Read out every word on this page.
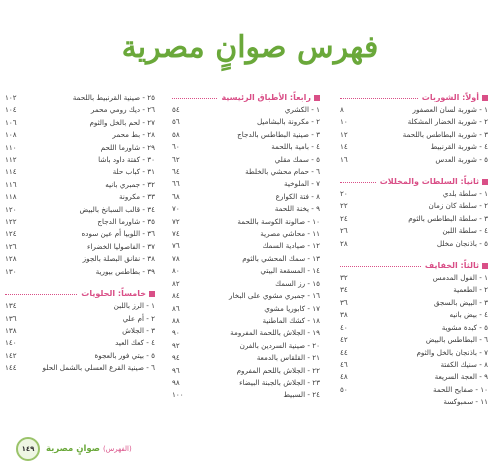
فهرس صوانٍ مصرية
أولاً: الشوربات
١ - شوربة لسان العصفور
٨
٢ - شوربة الخضار المشكلة
١٠
٣ - شوربة البطاطس باللحمة
١٢
٤ - شوربة القرنبيط
١٤
٥ - شوربة العدس
١٦
ثانياً: السلطات والمخللات
١ - سلطة بلدي
٢٠
٢ - سلطة كان زمان
٢٢
٣ - سلطة البطاطس بالثوم
٢٤
٤ - سلطة اللبن
٢٦
٥ - باذنجان مخلل
٢٨
ثالثاً: الخفايف
١ - الفول المدمس
٣٢
٢ - الطعمية
٣٤
٣ - البيض بالسجق
٣٦
٤ - بيض بانيه
٣٨
٥ - كبدة مشوية
٤٠
٦ - البطاطس بالبيض
٤٢
٧ - باذنجان بالخل والثوم
٤٤
٨ - سنيك الكفتة
٤٦
٩ - العجة السريعة
٤٨
١٠ - صفايح اللحمة
٥٠
١١ - سمبوكسة
رابعاً: الأطباق الرئيسية
١ - الكشري
٥٤
٢ - مكرونة بالبشاميل
٥٦
٣ - صينية البطاطس بالدجاج
٥٨
٤ - بامية باللحمة
٦٠
٥ - سمك مقلي
٦٢
٦ - حمام محشي بالخلطة
٦٤
٧ - الملوخية
٦٦
٨ - فتة الكوارع
٦٨
٩ - يخنة اللحمة
٧٠
١٠ - صالونة الكوسة باللحمة
٧٢
١١ - محاشي مصرية
٧٤
١٢ - صيادية السمك
٧٦
١٣ - سمك المحشي بالثوم
٧٨
١٤ - المسقعة البيتي
٨٠
١٥ - رز السمك
٨٢
١٦ - جمبري مشوي على البخار
٨٤
١٧ - كابوريا مشوي
٨٦
١٨ - كشك الماطنية
٨٨
١٩ - الجلاش باللحمة المفرومة
٩٠
٢٠ - صينية السردين بالفرن
٩٢
٢١ - القلقاس بالدمعة
٩٤
٢٢ - الجلاش باللحم المفروم
٩٦
٢٣ - الجلاش بالجبنة البيضاء
٩٨
٢٤ - السبيط
١٠٠
٢٥ - صينية القرنبيط باللحمة
١٠٢
٢٦ - ديك رومي محمر
١٠٤
٢٧ - لحم بالخل والثوم
١٠٦
٢٨ - بط محمر
١٠٨
٢٩ - شاورما اللحم
١١٠
٣٠ - كفتة داود باشا
١١٢
٣١ - كباب حلة
١١٤
٣٢ - جمبري بانيه
١١٦
٣٣ - مكرونة
١١٨
٣٤ - قالب السبانخ بالبيض
١٢٠
٣٥ - شاورما الدجاج
١٢٢
٣٦ - اللوبيا أم عين سوده
١٢٤
٣٧ - الفاصوليا الخضراء
١٢٦
٣٨ - نقانق البصلة بالجوز
١٢٨
٣٩ - بطاطس بيورية
١٣٠
خامساً: الحلويات
١ - الرز باللبن
١٣٤
٢ - أم علي
١٣٦
٣ - الجلاش
١٣٨
٤ - كعك العيد
١٤٠
٥ - بيتي فور بالعجوة
١٤٢
٦ - صينية القرع العسلي بالشمل الحلو
١٤٤
١٤٩	صوانٍ مصرية (الفهرس)
